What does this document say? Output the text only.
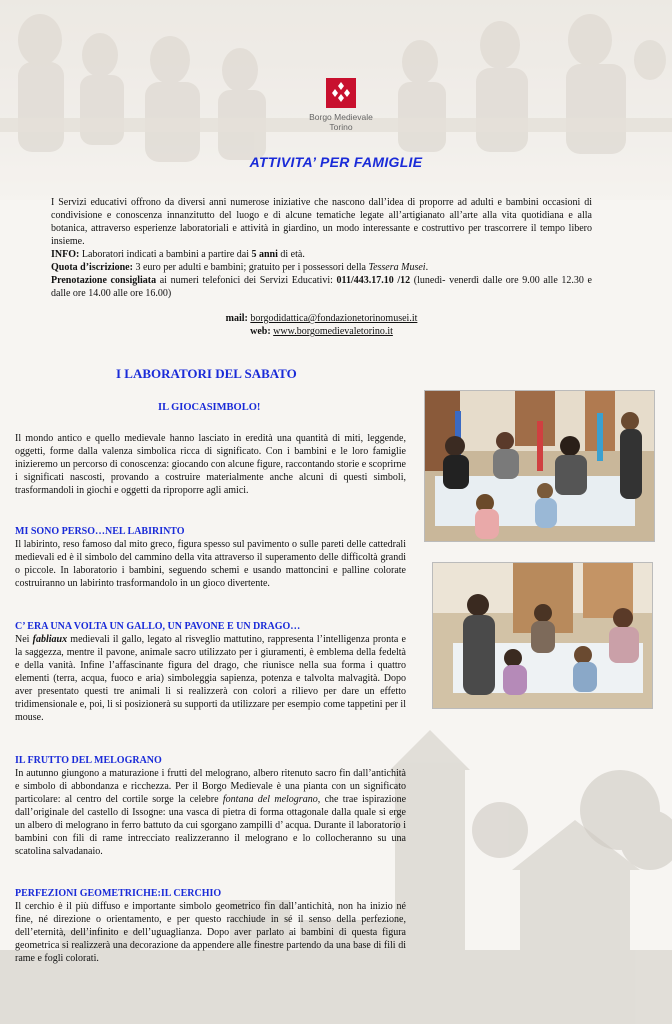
Borgo Medievale
Torino
ATTIVITA’ PER FAMIGLIE
I Servizi educativi offrono da diversi anni numerose iniziative che nascono dall’idea di proporre ad adulti e bambini occasioni di condivisione e conoscenza innanzitutto del luogo e di alcune tematiche legate all’artigianato all’arte alla vita quotidiana e alla botanica, attraverso esperienze laboratoriali e attività in giardino, un modo interessante e costruttivo per trascorrere il tempo libero insieme.
INFO: Laboratori indicati a bambini a partire dai 5 anni di età.
Quota d’iscrizione: 3 euro per adulti e bambini; gratuito per i possessori della Tessera Musei.
Prenotazione consigliata ai numeri telefonici dei Servizi Educativi: 011/443.17.10 /12 (lunedì- venerdì dalle ore 9.00 alle 12.30 e dalle ore 14.00 alle ore 16.00)
mail: borgodidattica@fondazionetorinomusei.it
web: www.borgomedievaletorino.it
I LABORATORI DEL SABATO
IL GIOCASIMBOLO!
Il mondo antico e quello medievale hanno lasciato in eredità una quantità di miti, leggende, oggetti, forme dalla valenza simbolica ricca di significato. Con i bambini e le loro famiglie inizieremo un percorso di conoscenza: giocando con alcune figure, raccontando storie e scoprirne i significati nascosti, provando a costruire materialmente anche alcuni di questi simboli, trasformandoli in giochi e oggetti da riproporre agli amici.
MI SONO PERSO…NEL LABIRINTO
Il labirinto, reso famoso dal mito greco, figura spesso sul pavimento o sulle pareti delle cattedrali medievali ed è il simbolo del cammino della vita attraverso il superamento delle difficoltà grandi o piccole. In laboratorio i bambini, seguendo schemi e usando mattoncini e palline colorate costruiranno un labirinto trasformandolo in un gioco divertente.
C’ ERA UNA VOLTA UN GALLO, UN PAVONE E UN DRAGO…
Nei fabliaux medievali il gallo, legato al risveglio mattutino, rappresenta l’intelligenza pronta e la saggezza, mentre il pavone, animale sacro utilizzato per i giuramenti, è emblema della fedeltà e della vanità. Infine l’affascinante figura del drago, che riunisce nella sua forma i quattro elementi (terra, acqua, fuoco e aria) simboleggia sapienza, potenza e talvolta malvagità. Dopo aver presentato questi tre animali li si realizzerà con colori a rilievo per dare un effetto tridimensionale e, poi, li si posizionerà su supporti da utilizzare per esempio come tappetini per il mouse.
IL FRUTTO DEL MELOGRANO
In autunno giungono a maturazione i frutti del melograno, albero ritenuto sacro fin dall’antichità e simbolo di abbondanza e ricchezza. Per il Borgo Medievale è una pianta con un significato particolare: al centro del cortile sorge la celebre fontana del melograno, che trae ispirazione dall’originale del castello di Issogne: una vasca di pietra di forma ottagonale dalla quale si erge un albero di melograno in ferro battuto da cui sgorgano zampilli d’ acqua. Durante il laboratorio i bambini con fili di rame intrecciato realizzeranno il melograno e lo collocheranno su una scatolina salvadanaio.
PERFEZIONI GEOMETRICHE:IL CERCHIO
Il cerchio è il più diffuso e importante simbolo geometrico fin dall’antichità, non ha inizio né fine, né direzione o orientamento, e per questo racchiude in sé il senso della perfezione, dell’eternità, dell’infinito e dell’uguaglianza. Dopo aver parlato ai bambini di questa figura geometrica si realizzerà una decorazione da appendere alle finestre partendo da una base di fili di rame e fogli colorati.
